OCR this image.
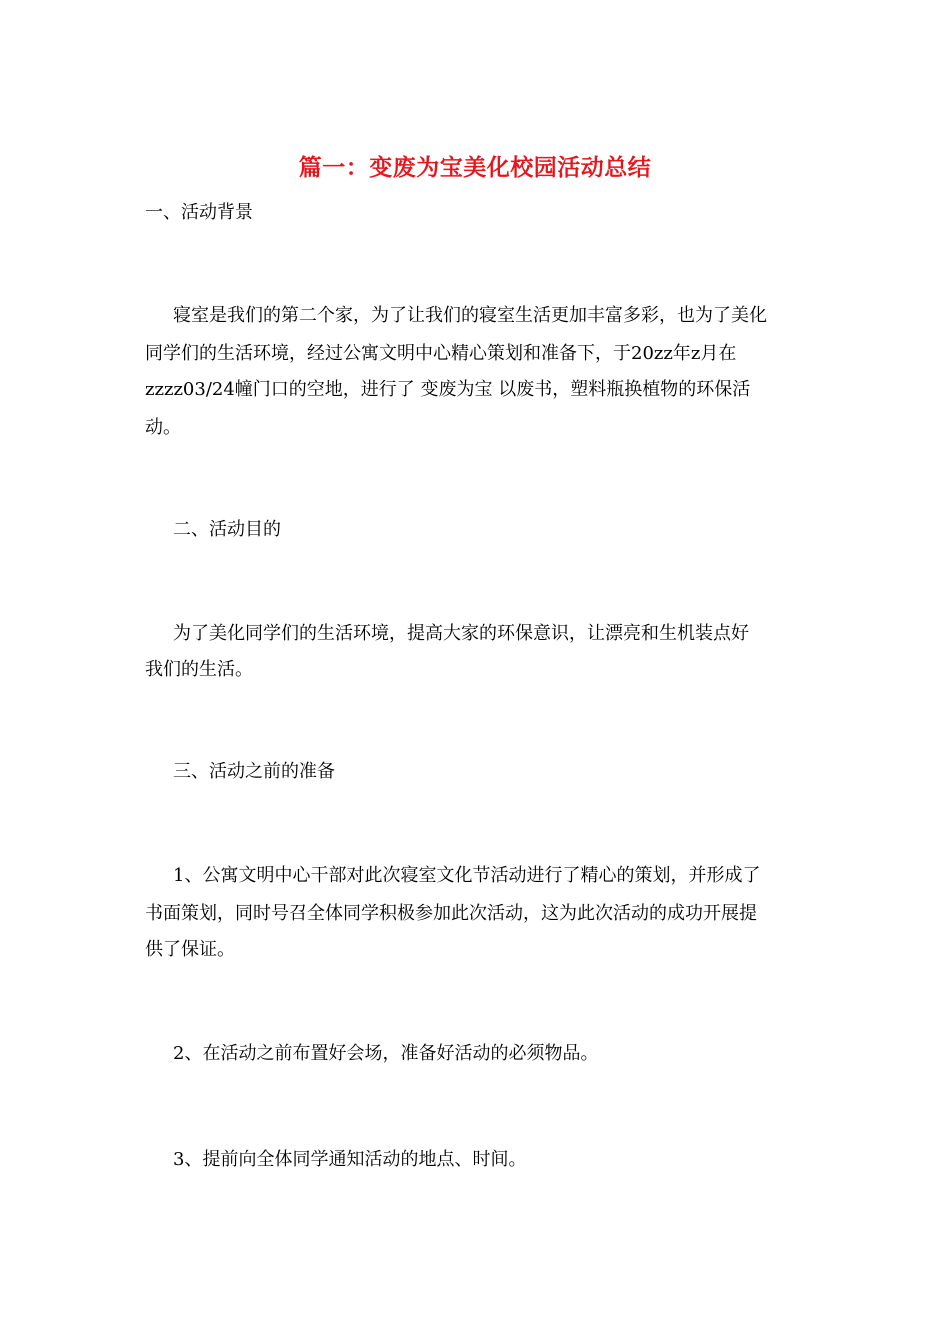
篇一：变废为宝美化校园活动总结
一、活动背景
寝室是我们的第二个家，为了让我们的寝室生活更加丰富多彩，也为了美化
同学们的生活环境，经过公寓文明中心精心策划和准备下，于20zz年z月在
zzzz03/24幢门口的空地，进行了 变废为宝 以废书，塑料瓶换植物的环保活
动。
二、活动目的
为了美化同学们的生活环境，提高大家的环保意识，让漂亮和生机装点好
我们的生活。
三、活动之前的准备
1、公寓文明中心干部对此次寝室文化节活动进行了精心的策划，并形成了
书面策划，同时号召全体同学积极参加此次活动，这为此次活动的成功开展提
供了保证。
2、在活动之前布置好会场，准备好活动的必须物品。
3、提前向全体同学通知活动的地点、时间。
